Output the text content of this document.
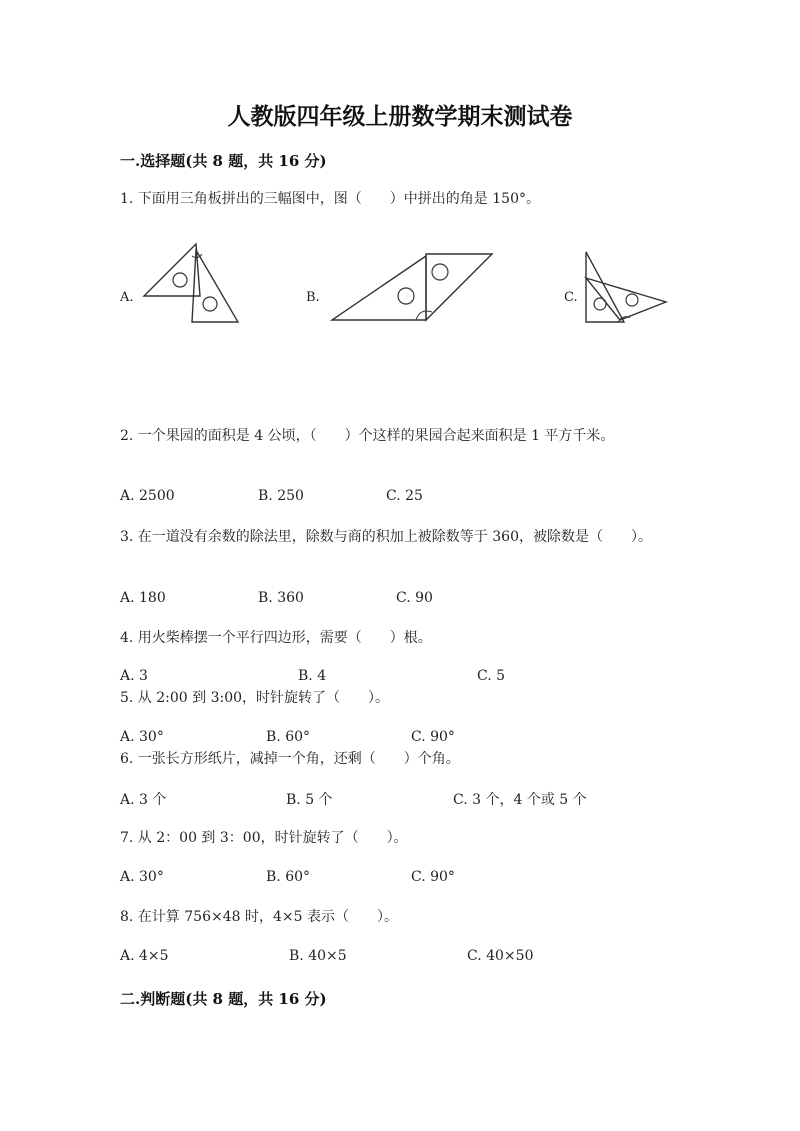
人教版四年级上册数学期末测试卷
一.选择题(共 8 题，共 16 分)
1. 下面用三角板拼出的三幅图中，图（　　）中拼出的角是 150°。
A.	B.	C.
2. 一个果园的面积是 4 公顷，（　　）个这样的果园合起来面积是 1 平方千米。
A. 2500	B. 250	C. 25
3. 在一道没有余数的除法里，除数与商的积加上被除数等于 360，被除数是（　　）。
A. 180	B. 360	C. 90
4. 用火柴棒摆一个平行四边形，需要（　　）根。
A. 3	B. 4	C. 5
5. 从 2:00 到 3:00，时针旋转了（　　）。
A. 30°	B. 60°	C. 90°
6. 一张长方形纸片，减掉一个角，还剩（　　）个角。
A. 3 个	B. 5 个	C. 3 个，4 个或 5 个
7. 从 2：00 到 3：00，时针旋转了（　　）。
A. 30°	B. 60°	C. 90°
8. 在计算 756×48 时，4×5 表示（　　）。
A. 4×5	B. 40×5	C. 40×50
二.判断题(共 8 题，共 16 分)
